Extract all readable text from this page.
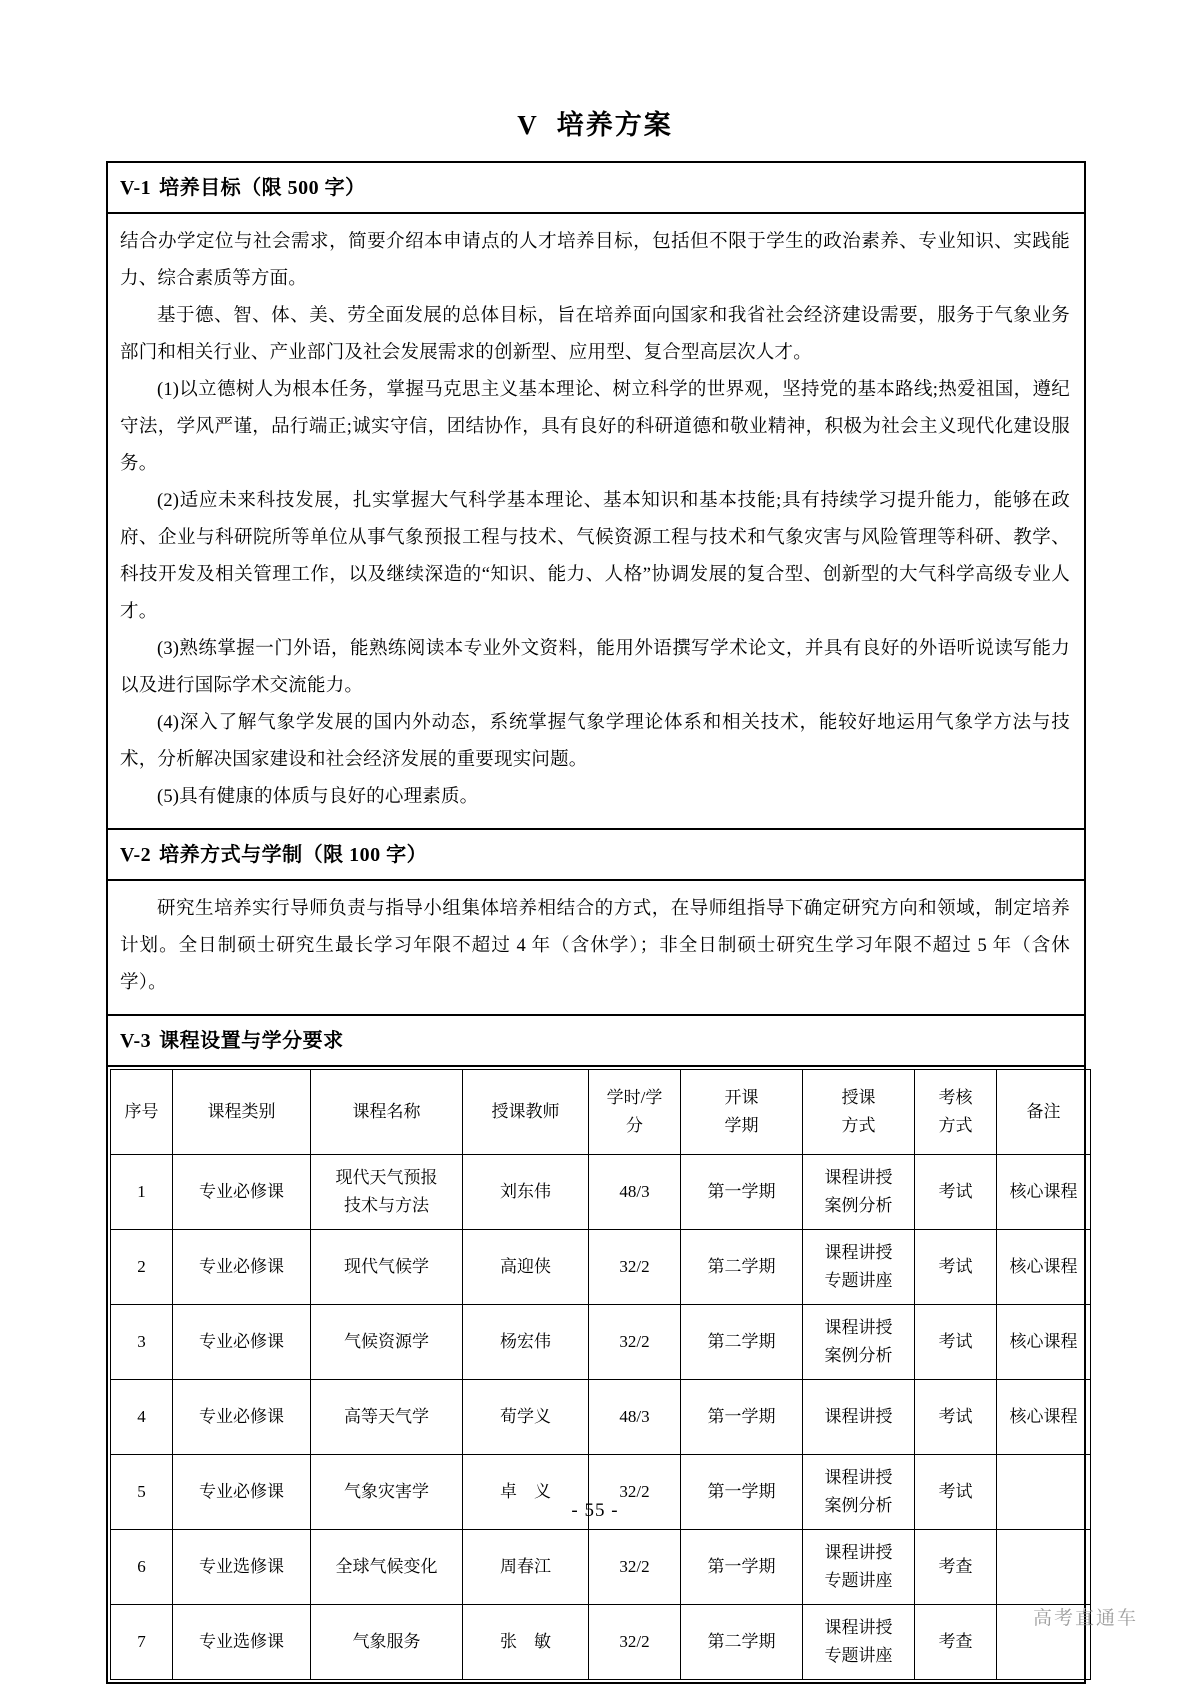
V 培养方案
V-1 培养目标（限 500 字）

结合办学定位与社会需求，简要介绍本申请点的人才培养目标，包括但不限于学生的政治素养、专业知识、实践能力、综合素质等方面。

基于德、智、体、美、劳全面发展的总体目标，旨在培养面向国家和我省社会经济建设需要，服务于气象业务部门和相关行业、产业部门及社会发展需求的创新型、应用型、复合型高层次人才。

(1)以立德树人为根本任务，掌握马克思主义基本理论、树立科学的世界观，坚持党的基本路线;热爱祖国，遵纪守法，学风严谨，品行端正;诚实守信，团结协作，具有良好的科研道德和敬业精神，积极为社会主义现代化建设服务。

(2)适应未来科技发展，扎实掌握大气科学基本理论、基本知识和基本技能;具有持续学习提升能力，能够在政府、企业与科研院所等单位从事气象预报工程与技术、气候资源工程与技术和气象灾害与风险管理等科研、教学、科技开发及相关管理工作，以及继续深造的“知识、能力、人格”协调发展的复合型、创新型的大气科学高级专业人才。

(3)熟练掌握一门外语，能熟练阅读本专业外文资料，能用外语撰写学术论文，并具有良好的外语听说读写能力以及进行国际学术交流能力。

(4)深入了解气象学发展的国内外动态，系统掌握气象学理论体系和相关技术，能较好地运用气象学方法与技术，分析解决国家建设和社会经济发展的重要现实问题。

(5)具有健康的体质与良好的心理素质。

V-2 培养方式与学制（限 100 字）

研究生培养实行导师负责与指导小组集体培养相结合的方式，在导师组指导下确定研究方向和领域，制定培养计划。全日制硕士研究生最长学习年限不超过 4 年（含休学）；非全日制硕士研究生学习年限不超过 5 年（含休学）。

V-3 课程设置与学分要求
序号	课程类别	课程名称	授课教师	学时/学
分	开课
学期	授课
方式	考核
方式	备注

1	专业必修课	现代天气预报
技术与方法	刘东伟	48/3	第一学期	课程讲授
案例分析	考试	核心课程
2	专业必修课	现代气候学	高迎侠	32/2	第二学期	课程讲授
专题讲座	考试	核心课程
3	专业必修课	气候资源学	杨宏伟	32/2	第二学期	课程讲授
案例分析	考试	核心课程
4	专业必修课	高等天气学	荀学义	48/3	第一学期	课程讲授	考试	核心课程
5	专业必修课	气象灾害学	卓　义	32/2	第一学期	课程讲授
案例分析	考试	
6	专业选修课	全球气候变化	周春江	32/2	第一学期	课程讲授
专题讲座	考查	
7	专业选修课	气象服务	张　敏	32/2	第二学期	课程讲授
专题讲座	考查	
- 55 -
高考直通车
